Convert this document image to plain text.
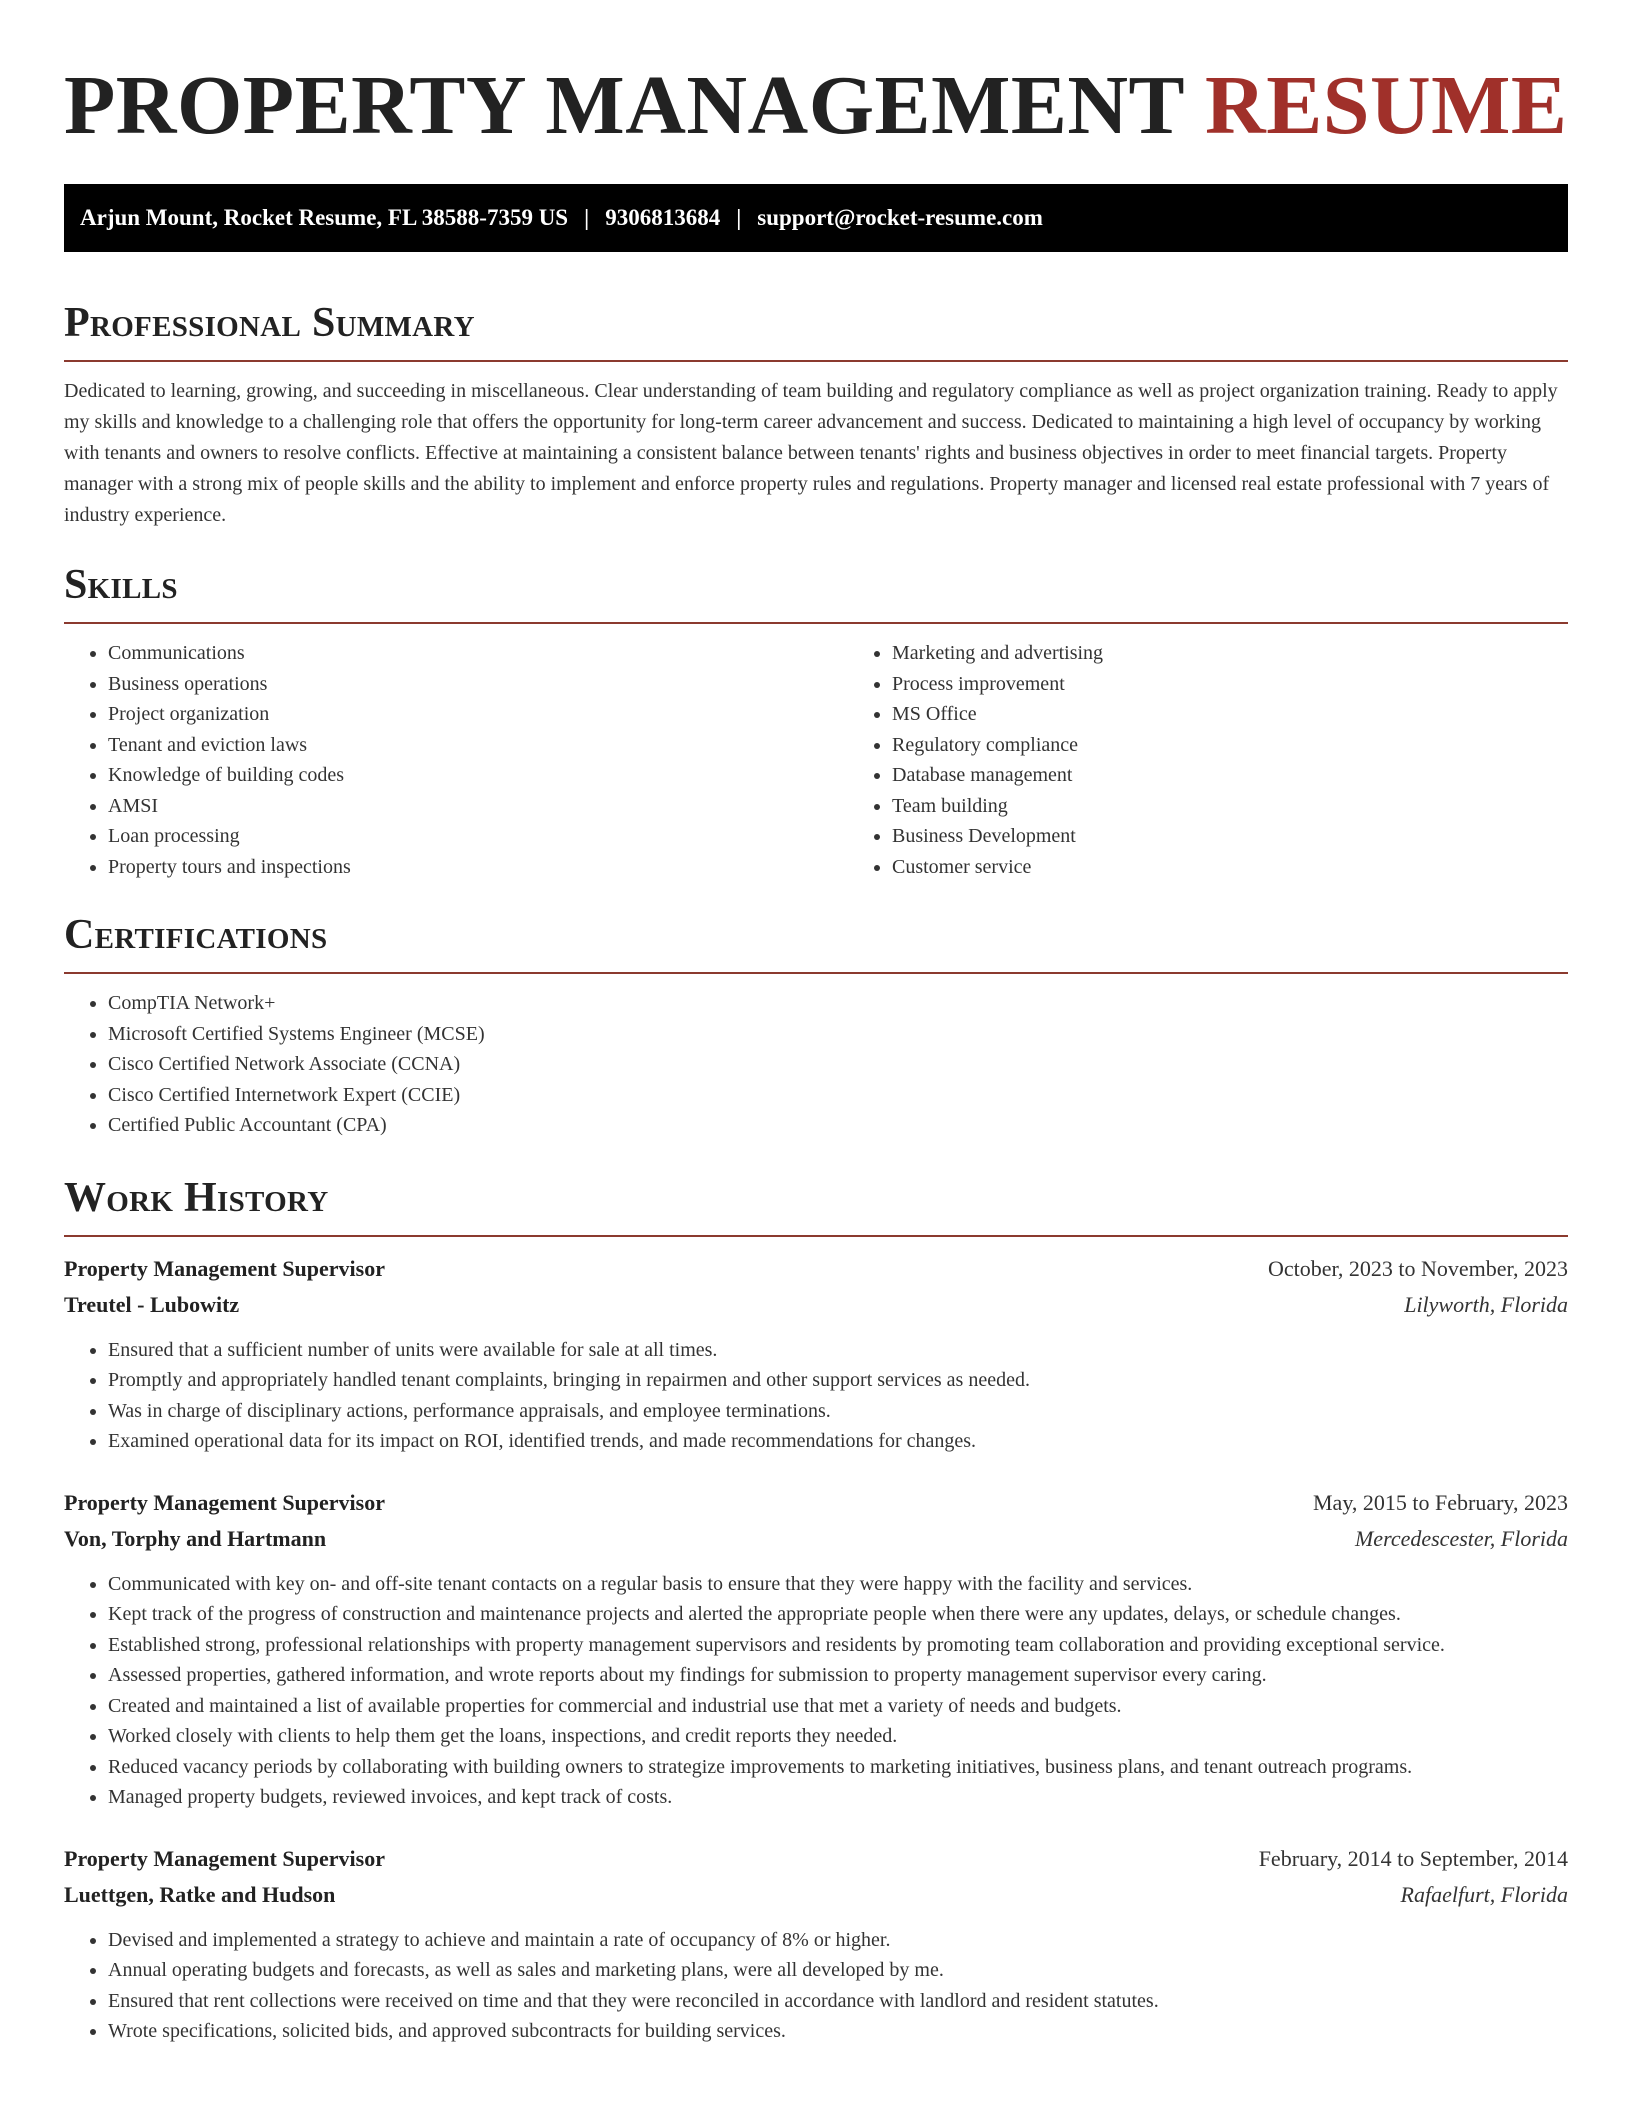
PROPERTY MANAGEMENT RESUME
Arjun Mount, Rocket Resume, FL 38588-7359 US | 9306813684 | support@rocket-resume.com
Professional Summary

Dedicated to learning, growing, and succeeding in miscellaneous. Clear understanding of team building and regulatory compliance as well as project organization training. Ready to apply my skills and knowledge to a challenging role that offers the opportunity for long-term career advancement and success. Dedicated to maintaining a high level of occupancy by working with tenants and owners to resolve conflicts. Effective at maintaining a consistent balance between tenants' rights and business objectives in order to meet financial targets. Property manager with a strong mix of people skills and the ability to implement and enforce property rules and regulations. Property manager and licensed real estate professional with 7 years of industry experience.

Skills
• Communications
• Business operations
• Project organization
• Tenant and eviction laws
• Knowledge of building codes
• AMSI
• Loan processing
• Property tours and inspections
• Marketing and advertising
• Process improvement
• MS Office
• Regulatory compliance
• Database management
• Team building
• Business Development
• Customer service
Certifications
• CompTIA Network+
• Microsoft Certified Systems Engineer (MCSE)
• Cisco Certified Network Associate (CCNA)
• Cisco Certified Internetwork Expert (CCIE)
• Certified Public Accountant (CPA)
Work History
Property Management Supervisor	October, 2023 to November, 2023
Treutel - Lubowitz	Lilyworth, Florida
• Ensured that a sufficient number of units were available for sale at all times.
• Promptly and appropriately handled tenant complaints, bringing in repairmen and other support services as needed.
• Was in charge of disciplinary actions, performance appraisals, and employee terminations.
• Examined operational data for its impact on ROI, identified trends, and made recommendations for changes.
Property Management Supervisor	May, 2015 to February, 2023
Von, Torphy and Hartmann	Mercedescester, Florida
• Communicated with key on- and off-site tenant contacts on a regular basis to ensure that they were happy with the facility and services.
• Kept track of the progress of construction and maintenance projects and alerted the appropriate people when there were any updates, delays, or schedule changes.
• Established strong, professional relationships with property management supervisors and residents by promoting team collaboration and providing exceptional service.
• Assessed properties, gathered information, and wrote reports about my findings for submission to property management supervisor every caring.
• Created and maintained a list of available properties for commercial and industrial use that met a variety of needs and budgets.
• Worked closely with clients to help them get the loans, inspections, and credit reports they needed.
• Reduced vacancy periods by collaborating with building owners to strategize improvements to marketing initiatives, business plans, and tenant outreach programs.
• Managed property budgets, reviewed invoices, and kept track of costs.
Property Management Supervisor	February, 2014 to September, 2014
Luettgen, Ratke and Hudson	Rafaelfurt, Florida
• Devised and implemented a strategy to achieve and maintain a rate of occupancy of 8% or higher.
• Annual operating budgets and forecasts, as well as sales and marketing plans, were all developed by me.
• Ensured that rent collections were received on time and that they were reconciled in accordance with landlord and resident statutes.
• Wrote specifications, solicited bids, and approved subcontracts for building services.
